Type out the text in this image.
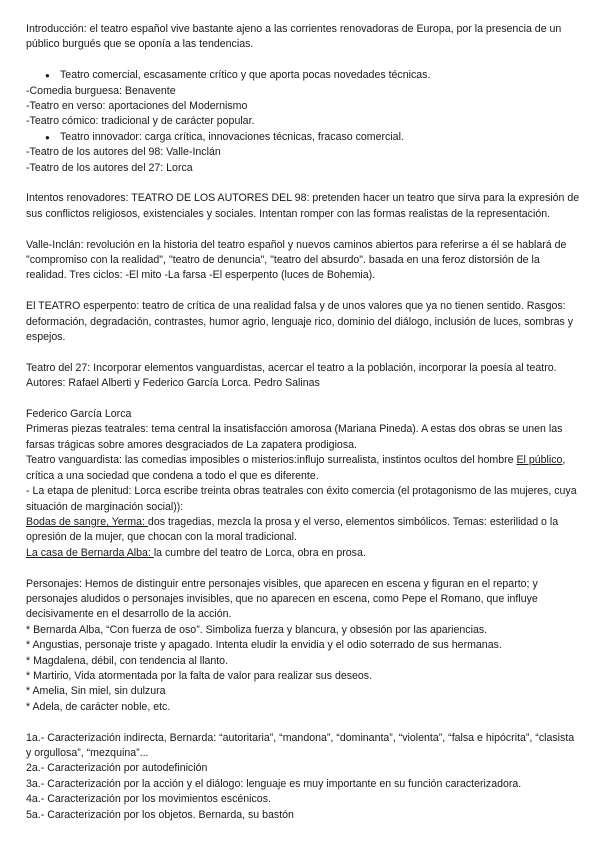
Introducción: el teatro español vive bastante ajeno a las corrientes renovadoras de Europa, por la presencia de un público burgués que se oponía a las tendencias.

● Teatro comercial, escasamente crítico y que aporta pocas novedades técnicas.

-Comedia burguesa: Benavente

-Teatro en verso: aportaciones del Modernismo

-Teatro cómico: tradicional y de carácter popular.

● Teatro innovador: carga crítica, innovaciones técnicas, fracaso comercial.

-Teatro de los autores del 98: Valle-Inclán

-Teatro de los autores del 27: Lorca

Intentos renovadores: TEATRO DE LOS AUTORES DEL 98: pretenden hacer un teatro que sirva para la expresión de sus conflictos religiosos, existenciales y sociales. Intentan romper con las formas realistas de la representación.

Valle-Inclán: revolución en la historia del teatro español y nuevos caminos abiertos para referirse a él se hablará de "compromiso con la realidad", "teatro de denuncia", "teatro del absurdo". basada en una feroz distorsión de la realidad. Tres ciclos: -El mito -La farsa -El esperpento (luces de Bohemia).

El TEATRO esperpento: teatro de crítica de una realidad falsa y de unos valores que ya no tienen sentido. Rasgos: deformación, degradación, contrastes, humor agrio, lenguaje rico, dominio del diálogo, inclusión de luces, sombras y espejos.

Teatro del 27: Incorporar elementos vanguardistas, acercar el teatro a la población, incorporar la poesía al teatro. Autores: Rafael Alberti y Federico García Lorca. Pedro Salinas

Federico García Lorca

Primeras piezas teatrales: tema central la insatisfacción amorosa (Mariana Pineda). A estas dos obras se unen las farsas trágicas sobre amores desgraciados de La zapatera prodigiosa.

Teatro vanguardista: las comedias imposibles o misterios:influjo surrealista, instintos ocultos del hombre El público, crítica a una sociedad que condena a todo el que es diferente.

- La etapa de plenitud: Lorca escribe treinta obras teatrales con éxito comercia (el protagonismo de las mujeres, cuya situación de marginación social)):

Bodas de sangre, Yerma: dos tragedias, mezcla la prosa y el verso, elementos simbólicos. Temas: esterilidad o la opresión de la mujer, que chocan con la moral tradicional.

La casa de Bernarda Alba: la cumbre del teatro de Lorca, obra en prosa.

Personajes: Hemos de distinguir entre personajes visibles, que aparecen en escena y figuran en el reparto; y personajes aludidos o personajes invisibles, que no aparecen en escena, como Pepe el Romano, que influye decisivamente en el desarrollo de la acción.

* Bernarda Alba, “Con fuerza de oso”. Simboliza fuerza y blancura, y obsesión por las apariencias.

* Angustias, personaje triste y apagado. Intenta eludir la envidia y el odio soterrado de sus hermanas.

* Magdalena, débil, con tendencia al llanto.

* Martirio, Vida atormentada por la falta de valor para realizar sus deseos.

* Amelia, Sin miel, sin dulzura

* Adela, de carácter noble, etc.

1a.- Caracterización indirecta, Bernarda: “autoritaria”, “mandona”, “dominanta”, “violenta”, “falsa e hipócrita”, “clasista y orgullosa”, “mezquina”...

2a.- Caracterización por autodefinición

3a.- Caracterización por la acción y el diálogo: lenguaje es muy importante en su función caracterizadora.

4a.- Caracterización por los movimientos escénicos.

5a.- Caracterización por los objetos. Bernarda, su bastón
